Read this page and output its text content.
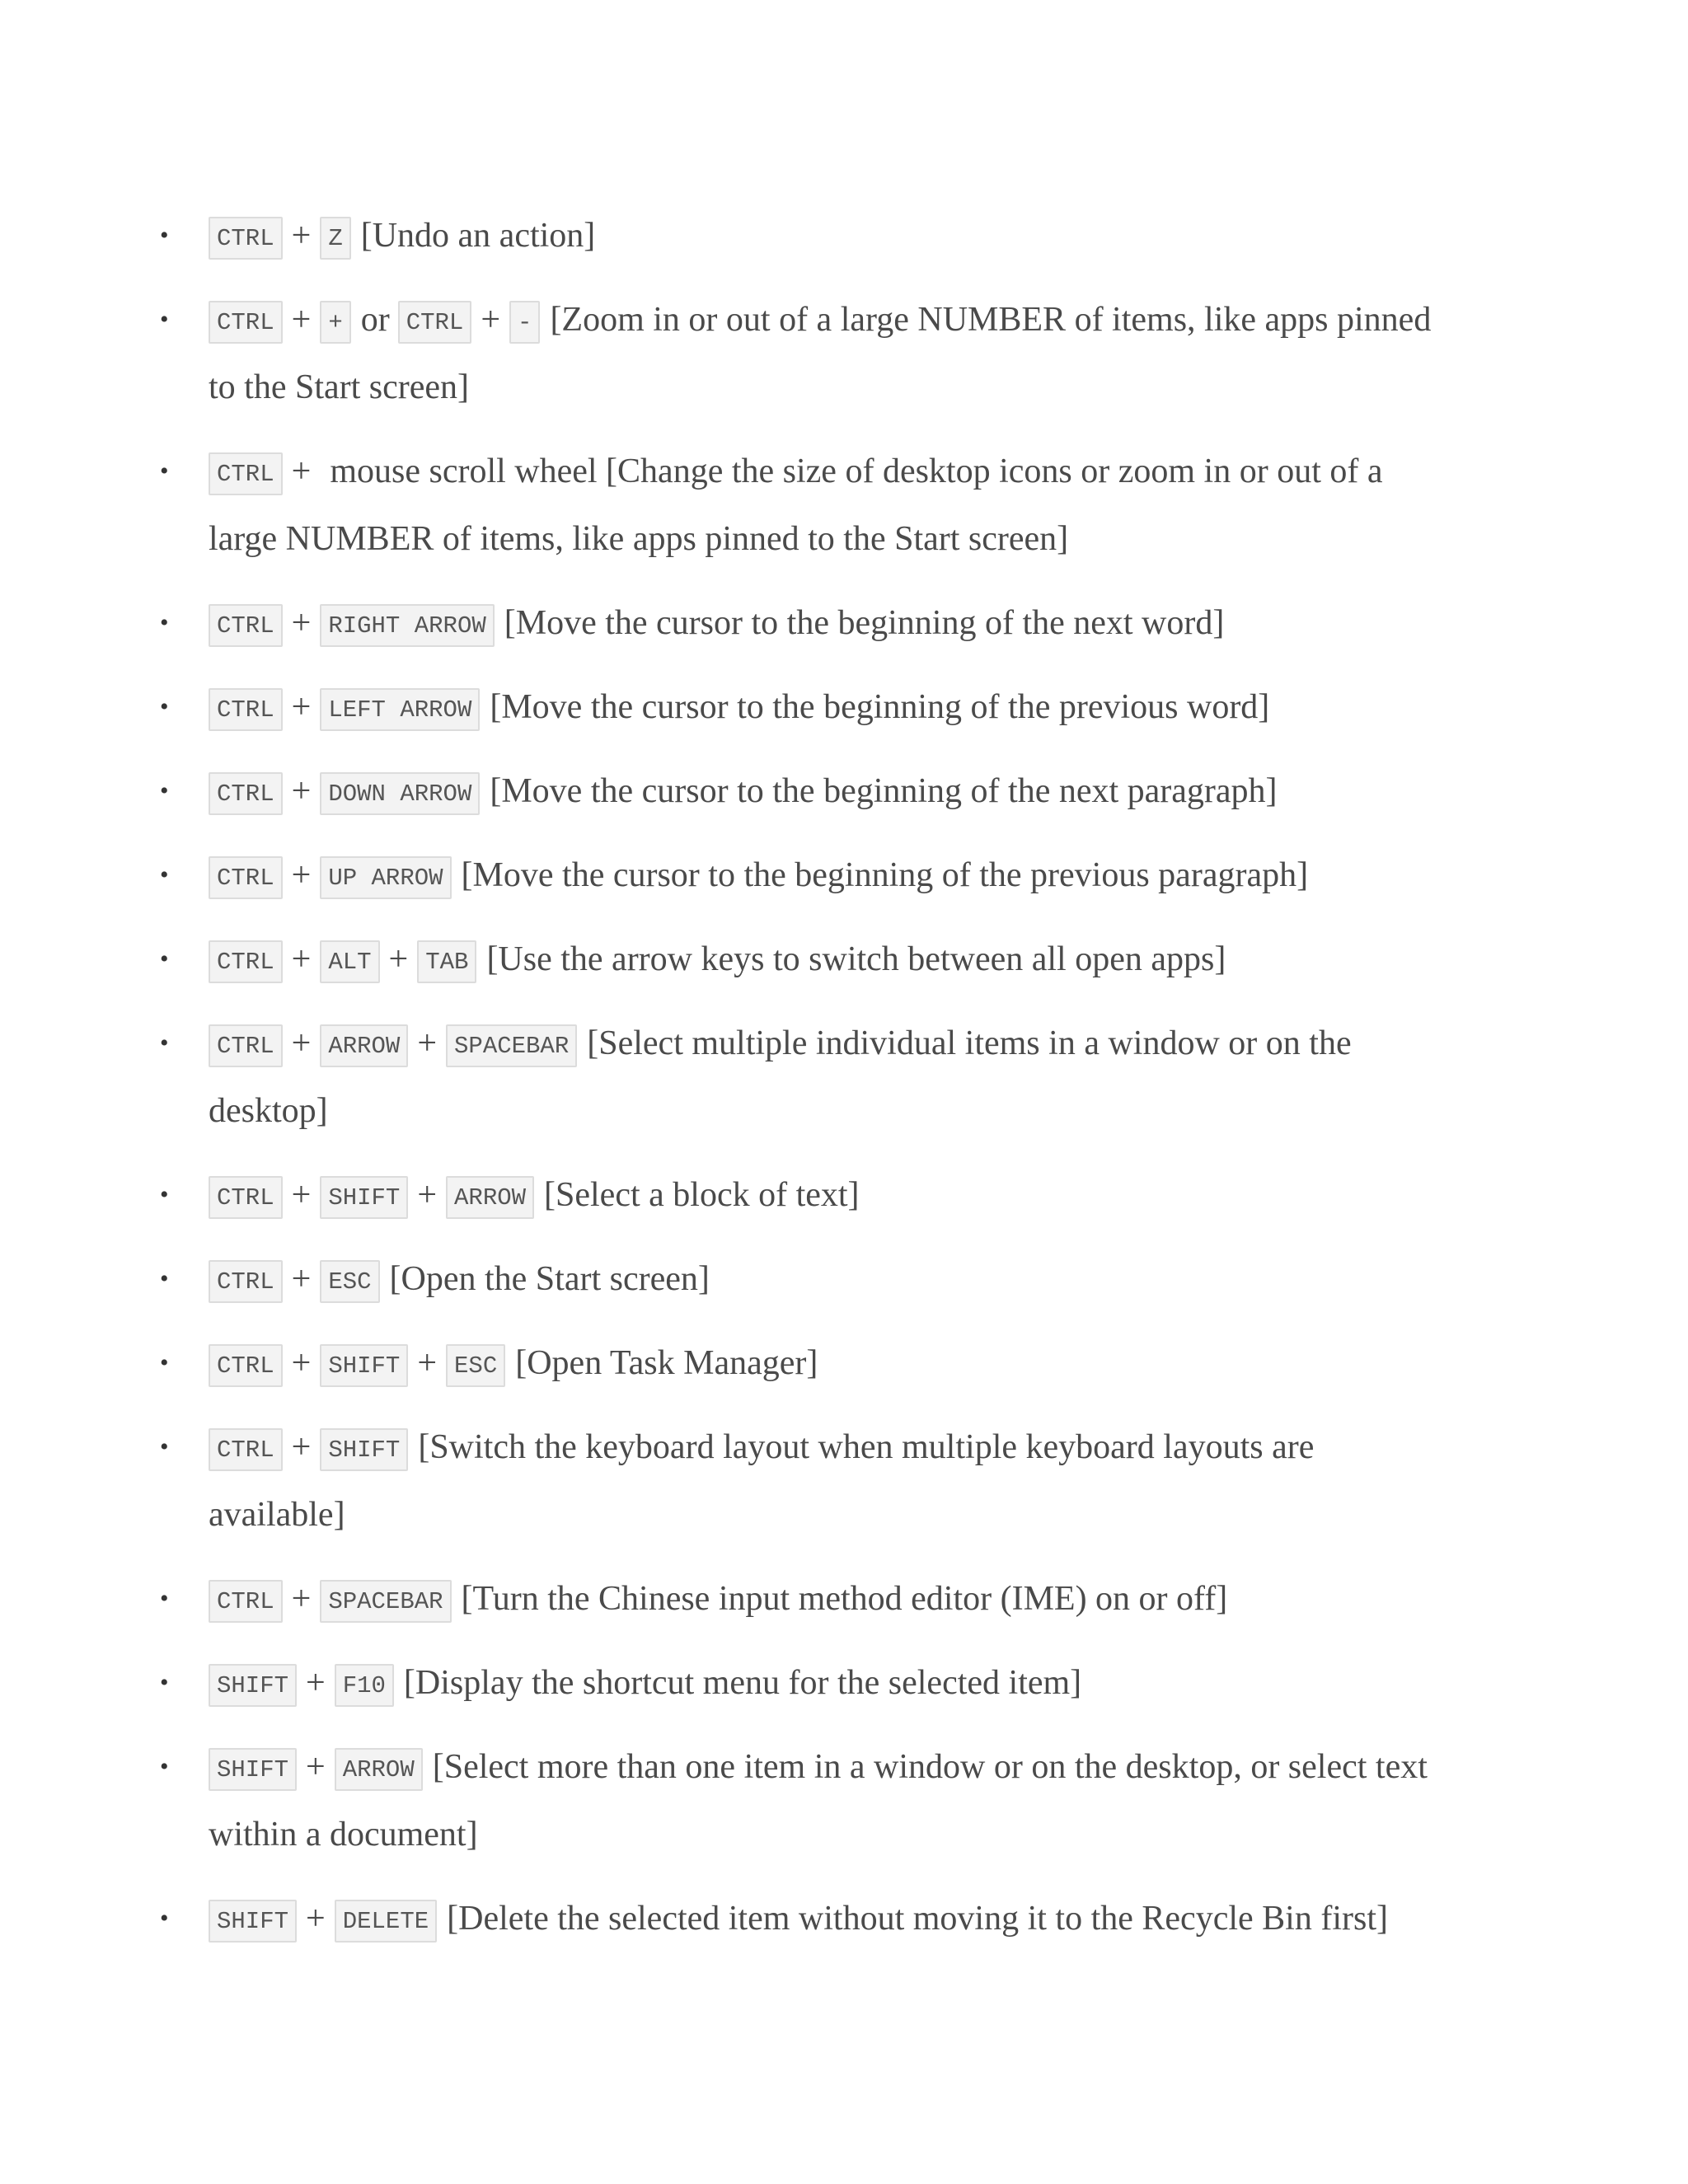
• CTRL + Z [Undo an action]
• CTRL + + or CTRL + - [Zoom in or out of a large NUMBER of items, like apps pinned to the Start screen]
• CTRL + mouse scroll wheel [Change the size of desktop icons or zoom in or out of a large NUMBER of items, like apps pinned to the Start screen]
• CTRL + RIGHT ARROW [Move the cursor to the beginning of the next word]
• CTRL + LEFT ARROW [Move the cursor to the beginning of the previous word]
• CTRL + DOWN ARROW [Move the cursor to the beginning of the next paragraph]
• CTRL + UP ARROW [Move the cursor to the beginning of the previous paragraph]
• CTRL + ALT + TAB [Use the arrow keys to switch between all open apps]
• CTRL + ARROW + SPACEBAR [Select multiple individual items in a window or on the desktop]
• CTRL + SHIFT + ARROW [Select a block of text]
• CTRL + ESC [Open the Start screen]
• CTRL + SHIFT + ESC [Open Task Manager]
• CTRL + SHIFT [Switch the keyboard layout when multiple keyboard layouts are available]
• CTRL + SPACEBAR [Turn the Chinese input method editor (IME) on or off]
• SHIFT + F10 [Display the shortcut menu for the selected item]
• SHIFT + ARROW [Select more than one item in a window or on the desktop, or select text within a document]
• SHIFT + DELETE [Delete the selected item without moving it to the Recycle Bin first]
